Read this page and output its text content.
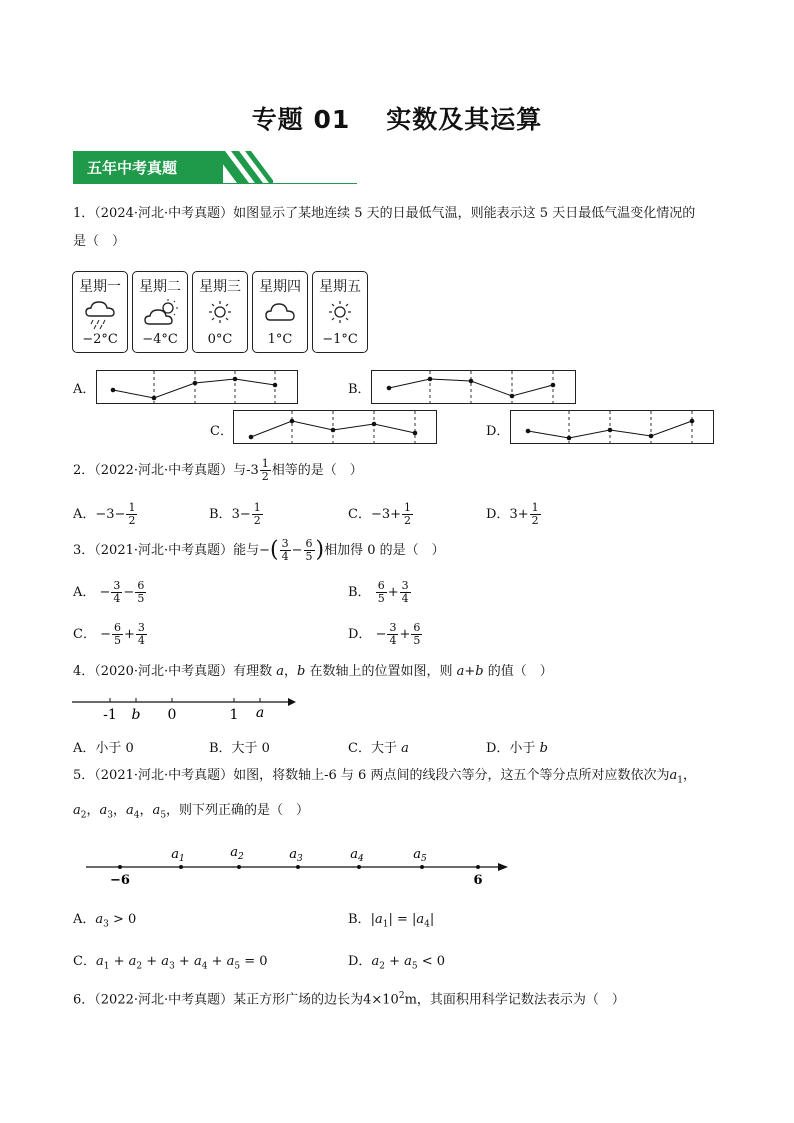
专题 01 实数及其运算
五年中考真题
1．（2024·河北·中考真题）如图显示了某地连续 5 天的日最低气温，则能表示这 5 天日最低气温变化情况的
是（　）
星期一
−2°C
星期二
−4°C
星期三
0°C
星期四
1°C
星期五
−1°C
A．	B．
C．	D．
2．（2022·河北·中考真题）与$-3 \frac{1}{2}$ 相等的是（　）
A．$-3- \frac{1}{2}$	B．$3- \frac{1}{2}$	C．$-3+ \frac{1}{2}$	D．$3+ \frac{1}{2}$
3．（2021·河北·中考真题）能与−( $\frac{3}{4} - \frac{6}{5}$ )相加得 0 的是（　）
A． − $\frac{3}{4} - \frac{6}{5}$	B． $\frac{6}{5} + \frac{3}{4}$
C． − $\frac{6}{5} + \frac{3}{4}$	D． − $\frac{3}{4} + \frac{6}{5}$
4．（2020·河北·中考真题）有理数 a，b 在数轴上的位置如图，则 a+b 的值（　）
-1 b 0	1 a
A．小于 0	B．大于 0	C．大于 a	D．小于 b
5．（2021·河北·中考真题）如图，将数轴上-6 与 6 两点间的线段六等分，这五个等分点所对应数依次为$a_1$，
$a_2$，$a_3$，$a_4$，$a_5$，则下列正确的是（　）
−6	6
$a_1$	$a_2$	$a_3$	$a_4$	$a_5$
A．$a_3 > 0$	B．$|a_1| = |a_4|$
C．$a_1 + a_2 + a_3 + a_4 + a_5 = 0$	D．$a_2 + a_5 < 0$
6．（2022·河北·中考真题）某正方形广场的边长为$4\times 10^2m$，其面积用科学记数法表示为（　）
